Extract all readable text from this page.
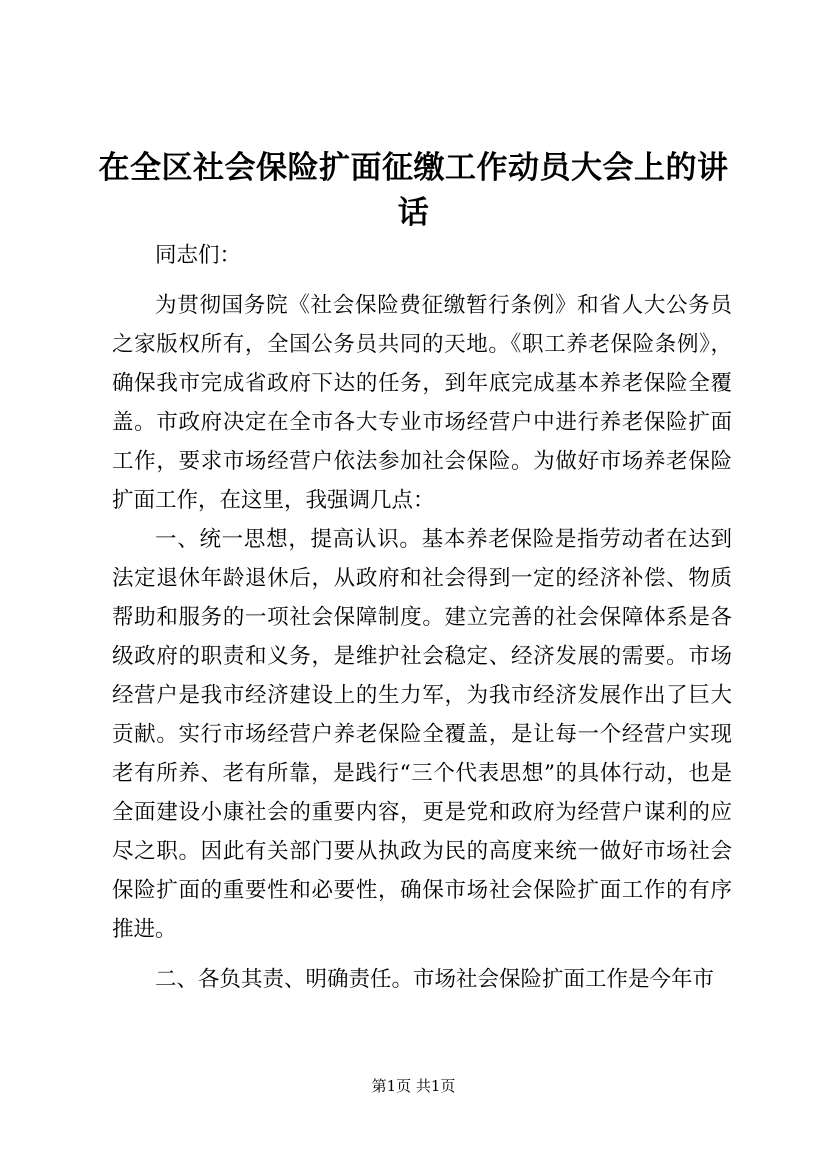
在全区社会保险扩面征缴工作动员大会上的讲话

同志们：

为贯彻国务院《社会保险费征缴暂行条例》和省人大公务员之家版权所有，全国公务员共同的天地。《职工养老保险条例》，确保我市完成省政府下达的任务，到年底完成基本养老保险全覆盖。市政府决定在全市各大专业市场经营户中进行养老保险扩面工作，要求市场经营户依法参加社会保险。为做好市场养老保险扩面工作，在这里，我强调几点：

一、统一思想，提高认识。基本养老保险是指劳动者在达到法定退休年龄退休后，从政府和社会得到一定的经济补偿、物质帮助和服务的一项社会保障制度。建立完善的社会保障体系是各级政府的职责和义务，是维护社会稳定、经济发展的需要。市场经营户是我市经济建设上的生力军，为我市经济发展作出了巨大贡献。实行市场经营户养老保险全覆盖，是让每一个经营户实现老有所养、老有所靠，是践行“三个代表思想”的具体行动，也是全面建设小康社会的重要内容，更是党和政府为经营户谋利的应尽之职。因此有关部门要从执政为民的高度来统一做好市场社会保险扩面的重要性和必要性，确保市场社会保险扩面工作的有序推进。

二、各负其责、明确责任。市场社会保险扩面工作是今年市

第1页 共1页
